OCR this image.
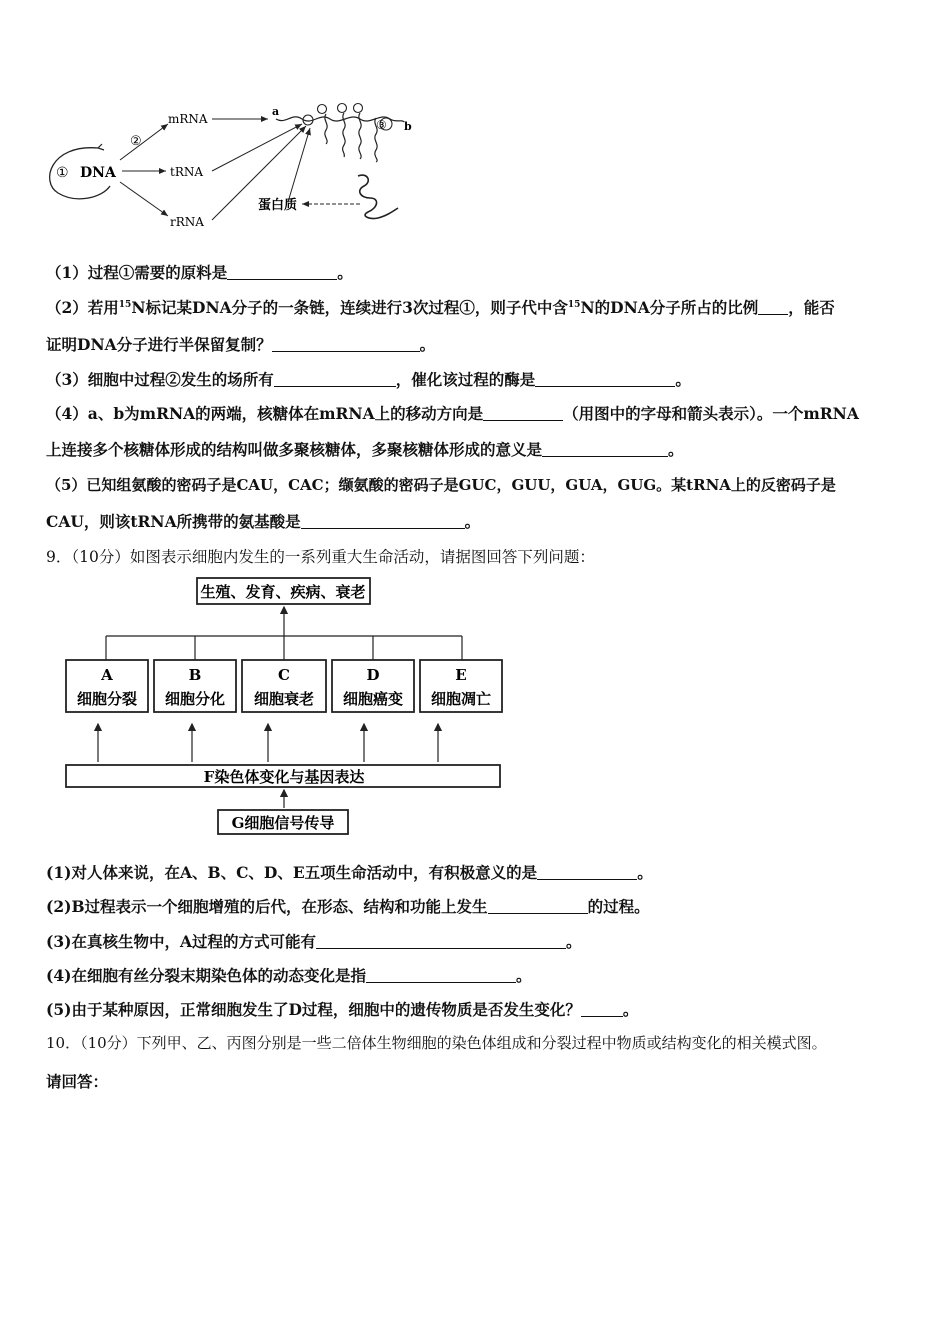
① DNA
②
mRNA
tRNA
rRNA
a
b
③
蛋白质
（1）过程①需要的原料是	。
（2）若用$^{15}$N标记某DNA分子的一条链，连续进行3次过程①，则子代中含$^{15}$N的DNA分子所占的比例 ，能否
证明DNA分子进行半保留复制？	。
（3）细胞中过程②发生的场所有	，催化该过程的酶是	。
（4）a、b为mRNA的两端，核糖体在mRNA上的移动方向是	（用图中的字母和箭头表示）。一个mRNA
上连接多个核糖体形成的结构叫做多聚核糖体，多聚核糖体形成的意义是	。
（5）已知组氨酸的密码子是CAU，CAC；缬氨酸的密码子是GUC，GUU，GUA，GUG。某tRNA上的反密码子是
CAU，则该tRNA所携带的氨基酸是	。
9．（10分）如图表示细胞内发生的一系列重大生命活动，请据图回答下列问题：
生殖、发育、疾病、衰老
A
细胞分裂
B
细胞分化
C
细胞衰老
D
细胞癌变
E
细胞凋亡
F染色体变化与基因表达
G细胞信号传导
(1)对人体来说，在A、B、C、D、E五项生命活动中，有积极意义的是	。
(2)B过程表示一个细胞增殖的后代，在形态、结构和功能上发生	的过程。
(3)在真核生物中，A过程的方式可能有	。
(4)在细胞有丝分裂末期染色体的动态变化是指	。
(5)由于某种原因，正常细胞发生了D过程，细胞中的遗传物质是否发生变化？	。
10．（10分）下列甲、乙、丙图分别是一些二倍体生物细胞的染色体组成和分裂过程中物质或结构变化的相关模式图。
请回答：
